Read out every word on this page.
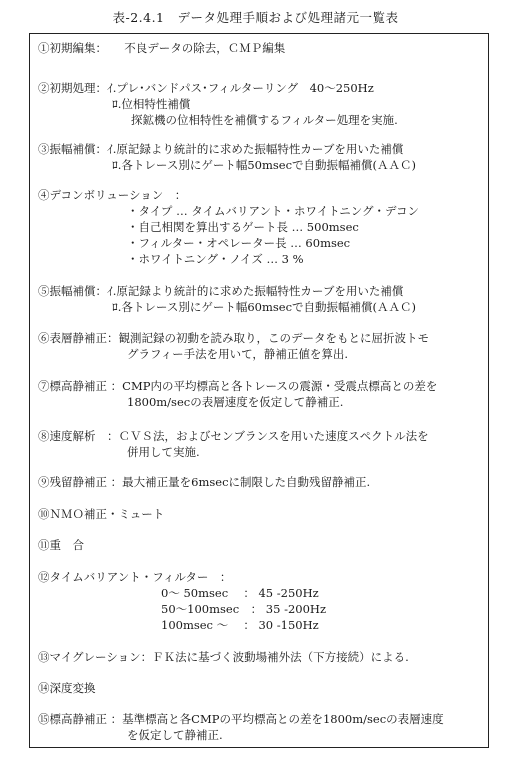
表-2.4.1　データ処理手順および処理諸元一覧表
①初期編集：　　不良データの除去，ＣＭＰ編集
②初期処理：ｲ.プレ･バンドパス･フィルターリング　40～250Hz
ﾛ.位相特性補償
探鉱機の位相特性を補償するフィルター処理を実施.
③振幅補償：ｲ.原記録より統計的に求めた振幅特性カーブを用いた補償
ﾛ.各トレース別にゲート幅50msecで自動振幅補償(ＡＡＣ)
④デコンボリューション　：
・タイプ … タイムバリアント・ホワイトニング・デコン
・自己相関を算出するゲート長 … 500msec
・フィルター・オペレーター長 … 60msec
・ホワイトニング・ノイズ … 3 %
⑤振幅補償：ｲ.原記録より統計的に求めた振幅特性カーブを用いた補償
ﾛ.各トレース別にゲート幅60msecで自動振幅補償(ＡＡＣ)
⑥表層静補正：観測記録の初動を読み取り，このデータをもとに屈折波トモ
グラフィー手法を用いて，静補正値を算出.
⑦標高静補正 ：CMP内の平均標高と各トレースの震源・受震点標高との差を
1800m/secの表層速度を仮定して静補正.
⑧速度解析　：ＣＶＳ法，およびセンブランスを用いた速度スペクトル法を
併用して実施.
⑨残留静補正 ：最大補正量を6msecに制限した自動残留静補正.
⑩ＮＭＯ補正・ミュート
⑪重　合
⑫タイムバリアント・フィルター　：
0～ 50msec　 ： 45 -250Hz
50～100msec　： 35 -200Hz
100msec ～　 ： 30 -150Hz
⑬マイグレーション：ＦＫ法に基づく波動場補外法（下方接続）による.
⑭深度変換
⑮標高静補正 ：基準標高と各CMPの平均標高との差を1800m/secの表層速度
を仮定して静補正.
